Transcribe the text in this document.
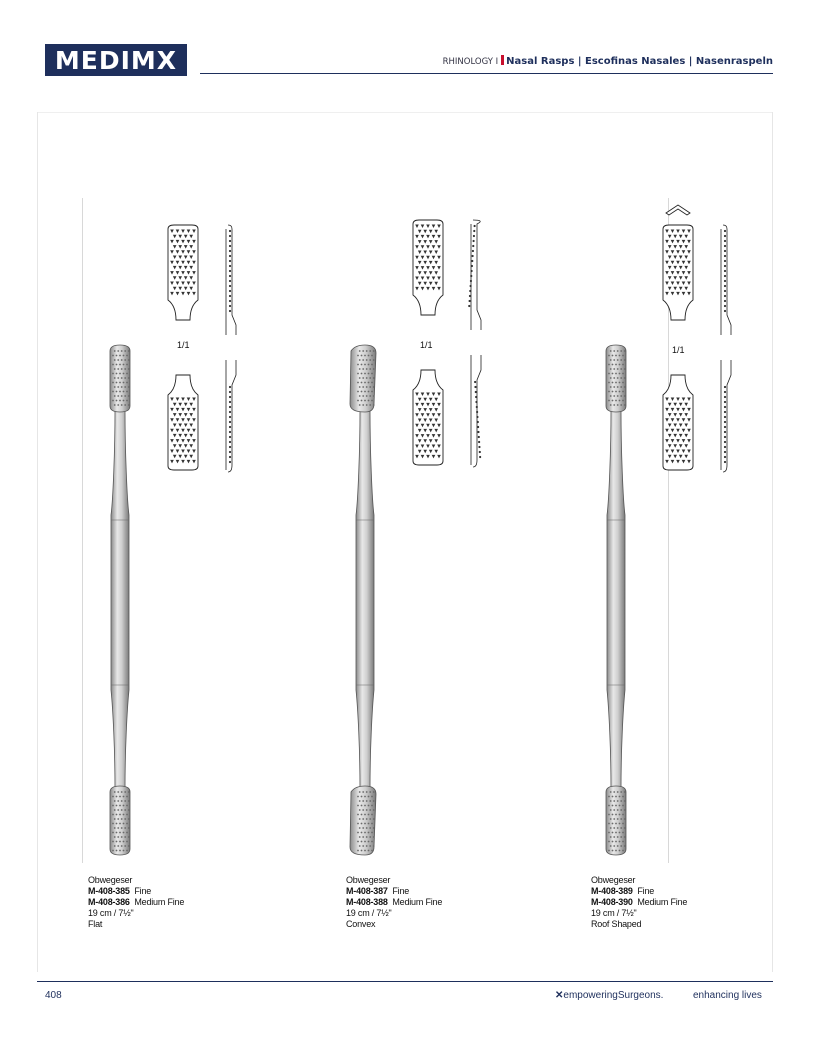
MEDIMX	RHINOLOGY I Nasal Rasps | Escofinas Nasales | Nasenraspeln
1/1	1/1	1/1
Obwegeser
M-408-385 Fine
M-408-386 Medium Fine
19 cm / 7½"
Flat
Obwegeser
M-408-387 Fine
M-408-388 Medium Fine
19 cm / 7½"
Convex
Obwegeser
M-408-389 Fine
M-408-390 Medium Fine
19 cm / 7½"
Roof Shaped
408	✕empoweringSurgeons.	enhancing lives
